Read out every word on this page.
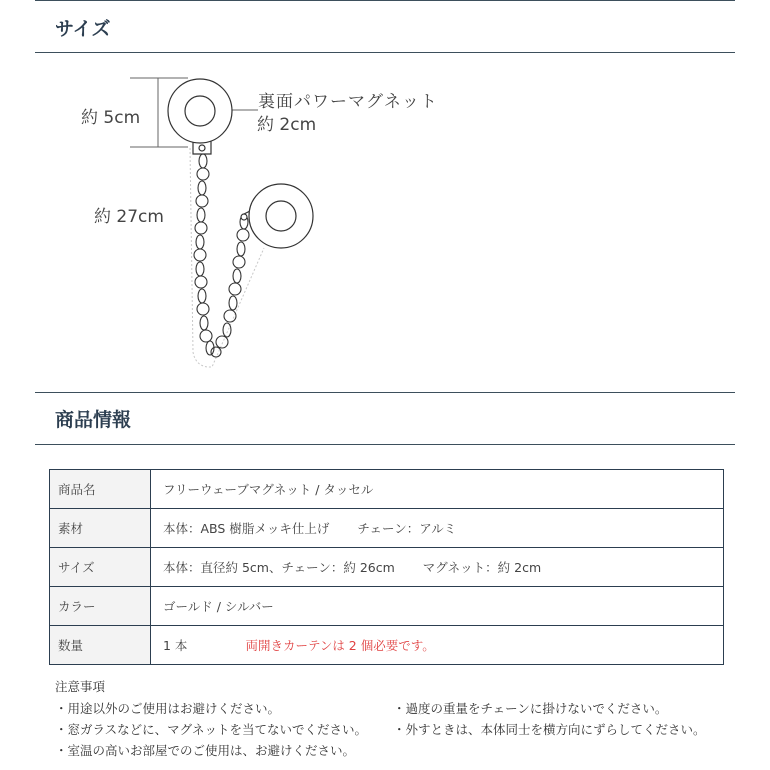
サイズ
約 5cm
裏面パワーマグネット
約 2cm
約 27cm
商品情報
商品名	フリーウェーブマグネット / タッセル
素材	本体：ABS 樹脂メッキ仕上げ チェーン：アルミ
サイズ	本体：直径約 5cm、チェーン：約 26cm マグネット：約 2cm
カラー	ゴールド / シルバー
数量	1 本 両開きカーテンは 2 個必要です。
注意事項
・用途以外のご使用はお避けください。	・過度の重量をチェーンに掛けないでください。
・窓ガラスなどに、マグネットを当てないでください。 ・外すときは、本体同士を横方向にずらしてください。
・室温の高いお部屋でのご使用は、お避けください。
